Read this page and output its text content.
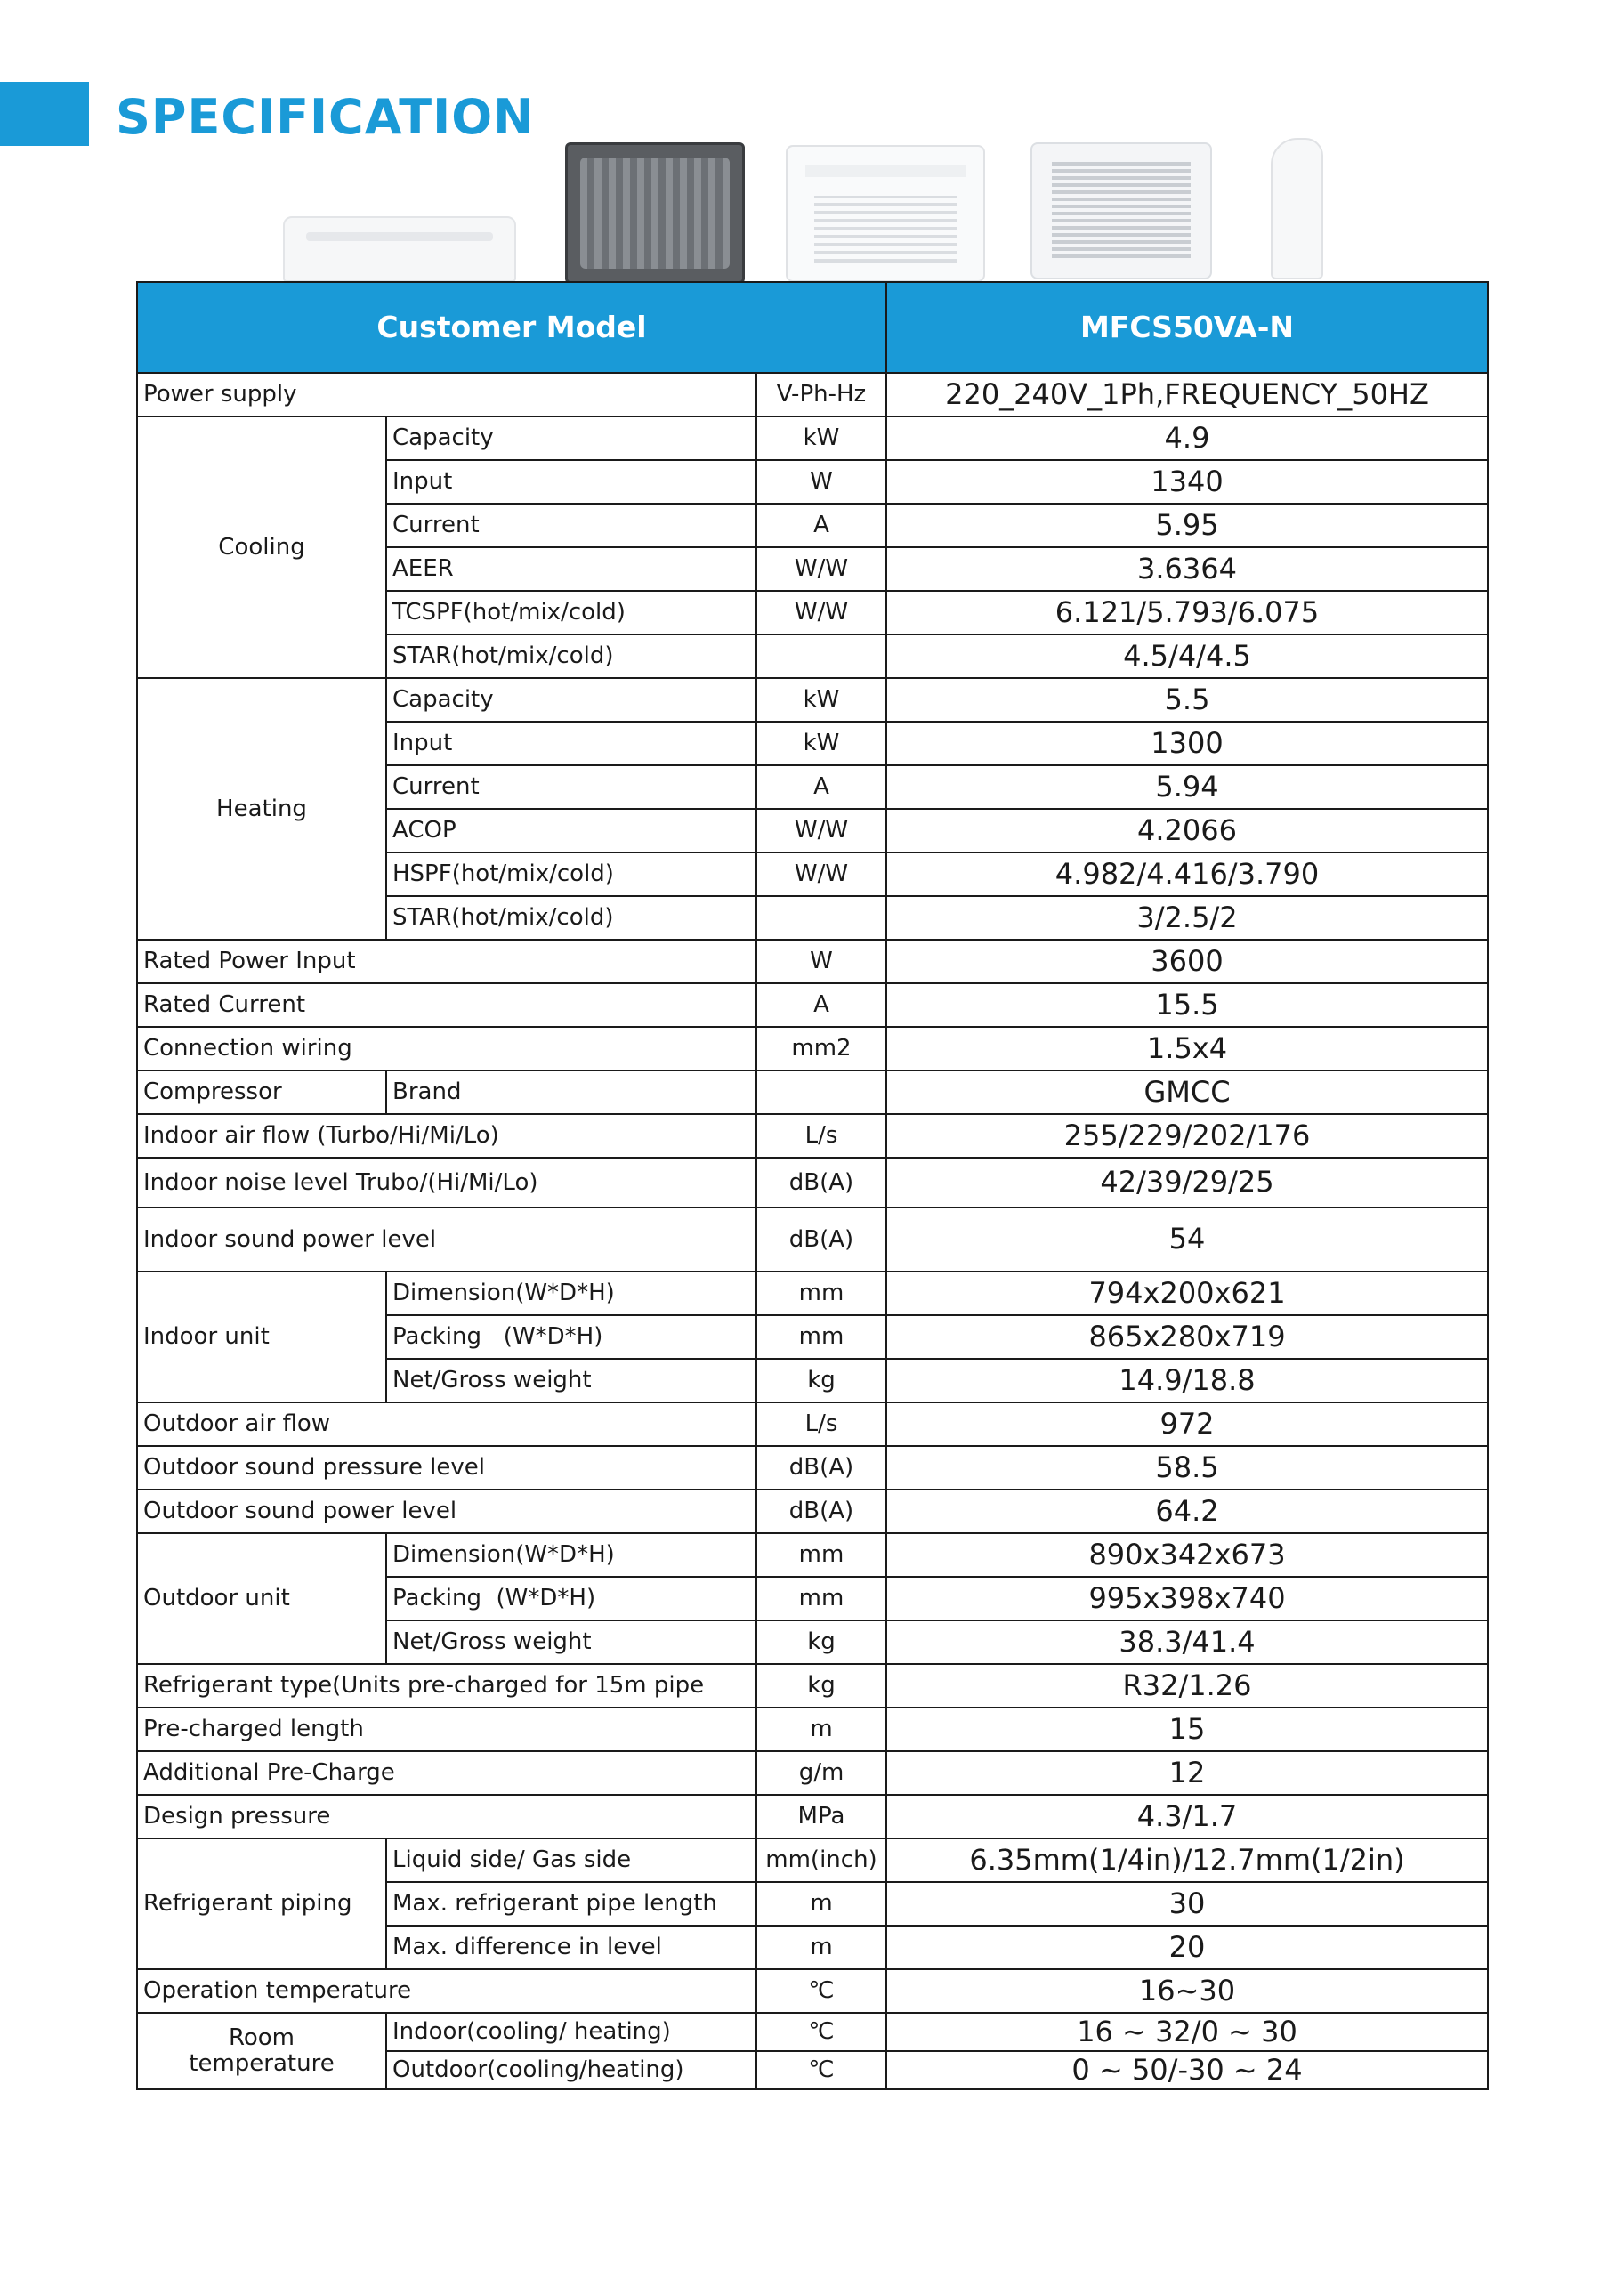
SPECIFICATION
Customer Model			MFCS50VA-N
Power supply		V-Ph-Hz	220_240V_1Ph,FREQUENCY_50HZ
Cooling	Capacity	kW	4.9
	Input	W	1340
	Current	A	5.95
	AEER	W/W	3.6364
	TCSPF(hot/mix/cold)	W/W	6.121/5.793/6.075
	STAR(hot/mix/cold)		4.5/4/4.5
Heating	Capacity	kW	5.5
	Input	kW	1300
	Current	A	5.94
	ACOP	W/W	4.2066
	HSPF(hot/mix/cold)	W/W	4.982/4.416/3.790
	STAR(hot/mix/cold)		3/2.5/2
Rated Power Input		W	3600
Rated Current		A	15.5
Connection wiring		mm2	1.5x4
Compressor	Brand		GMCC
Indoor air flow (Turbo/Hi/Mi/Lo)		L/s	255/229/202/176
Indoor noise level Trubo/(Hi/Mi/Lo)		dB(A)	42/39/29/25
Indoor sound power level		dB(A)	54
Indoor unit	Dimension(W*D*H)	mm	794x200x621
	Packing   (W*D*H)	mm	865x280x719
	Net/Gross weight	kg	14.9/18.8
Outdoor air flow		L/s	972
Outdoor sound pressure level		dB(A)	58.5
Outdoor sound power level		dB(A)	64.2
Outdoor unit	Dimension(W*D*H)	mm	890x342x673
	Packing  (W*D*H)	mm	995x398x740
	Net/Gross weight	kg	38.3/41.4
Refrigerant type(Units pre-charged for 15m pipe		kg	R32/1.26
Pre-charged length		m	15
Additional Pre-Charge		g/m	12
Design pressure		MPa	4.3/1.7
Refrigerant piping	Liquid side/ Gas side	mm(inch)	6.35mm(1/4in)/12.7mm(1/2in)
	Max. refrigerant pipe length	m	30
	Max. difference in level	m	20
Operation temperature		℃	16~30
Room temperature	Indoor(cooling/ heating)	℃	16 ~ 32/0 ~ 30
	Outdoor(cooling/heating)	℃	0 ~ 50/-30 ~ 24
